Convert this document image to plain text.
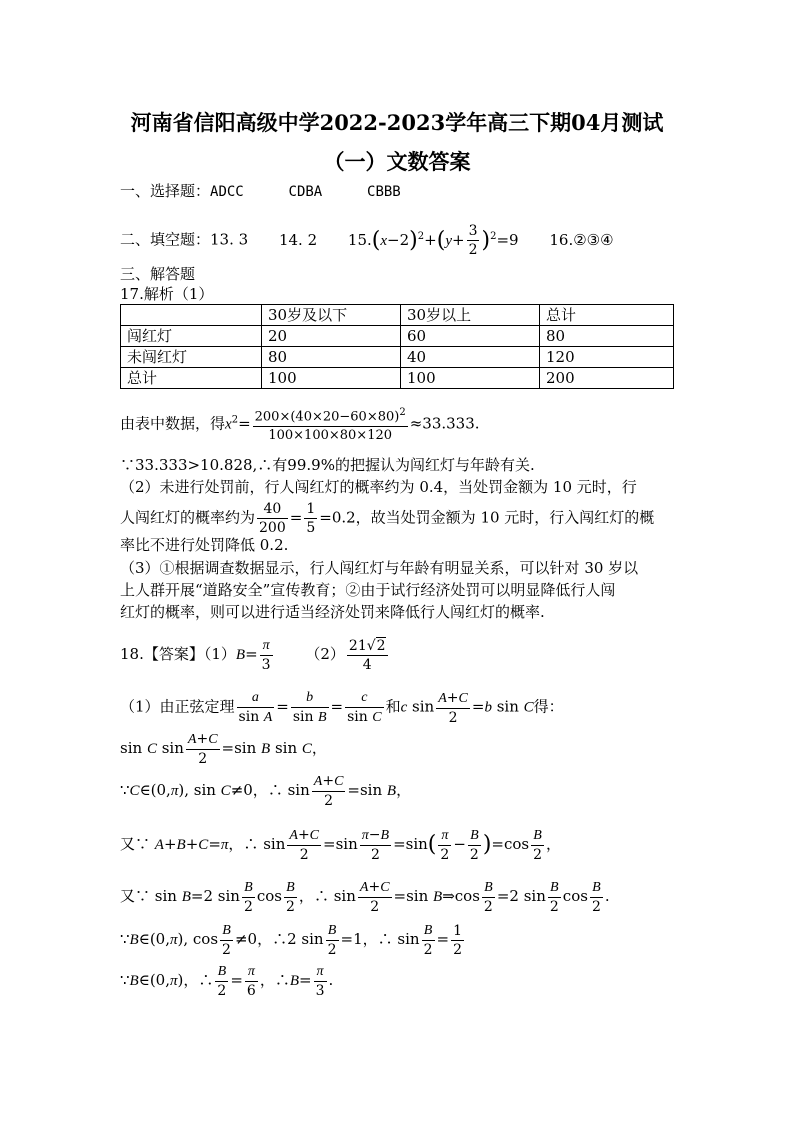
河南省信阳高级中学2022-2023学年高三下期04月测试
（一）文数答案
一、选择题：ADCC	CDBA	CBBB
二、填空题：13. 3 14. 2 $15.(x-2)^2+(y+ \frac{3}{2} )^2=9$ 16.②③④
三、解答题
17.解析（1）
	30岁及以下	30岁以上	总计
闯红灯	20	60	80
未闯红灯	80	40	120
总计	100	100	200
由表中数据，得$x^2= \frac{200\times(40\times 20-60\times 80)^2}{100\times 100\times 80\times 120} \approx 33.333$.
∵33.333>10.828,∴有99.9%的把握认为闯红灯与年龄有关.
（2）未进行处罚前，行人闯红灯的概率约为 0.4，当处罚金额为 10 元时，行
人闯红灯的概率约为 $\frac{40}{200} = \frac{1}{5} =0.2$，故当处罚金额为 10 元时，行入闯红灯的概
率比不进行处罚降低 0.2.
（3）①根据调查数据显示，行人闯红灯与年龄有明显关系，可以针对 30 岁以
上人群开展“道路安全”宣传教育；②由于试行经济处罚可以明显降低行人闯
红灯的概率，则可以进行适当经济处罚来降低行人闯红灯的概率.
18.【答案】$(1)B= \frac{\pi}{3} (2) \frac{21√2}{4}$
（1）由正弦定理 $\frac{a}{\text{sin A}} = \frac{b}{\text{sin B}} = \frac{c}{\text{sin C}}$ 和c $\sin \frac{A+C}{2} =b$ sin C得：
sin C $\sin \frac{A+C}{2} =\sin$ B sin C，
∵C∈(0,π), sin C≠0，∴ $\sin \frac{A+C}{2} =\sin$ B，
又∵ A+B+C=π，∴ $\sin \frac{A+C}{2} =\sin \frac{\pi-B}{2} =\sin( \frac{\pi}{2} - \frac{B}{2} )=\cos \frac{B}{2}$ ，
又∵ sin B=2 $\sin \frac{B}{2}$ $\cos \frac{B}{2}$ ，∴ $\sin \frac{A+C}{2} =\sin$ B⇒cos $\frac{B}{2} =2$ $\sin \frac{B}{2}$ $\cos \frac{B}{2}$ .
∵B∈(0,π), $\cos \frac{B}{2} \ne 0$，∴2 $\sin \frac{B}{2} =1$，∴ $\sin \frac{B}{2} = \frac{1}{2}$
∵B∈(0,π)，∴ $\frac{B}{2} = \frac{\pi}{6}$ ，∴B= $\frac{\pi}{3}$ .
